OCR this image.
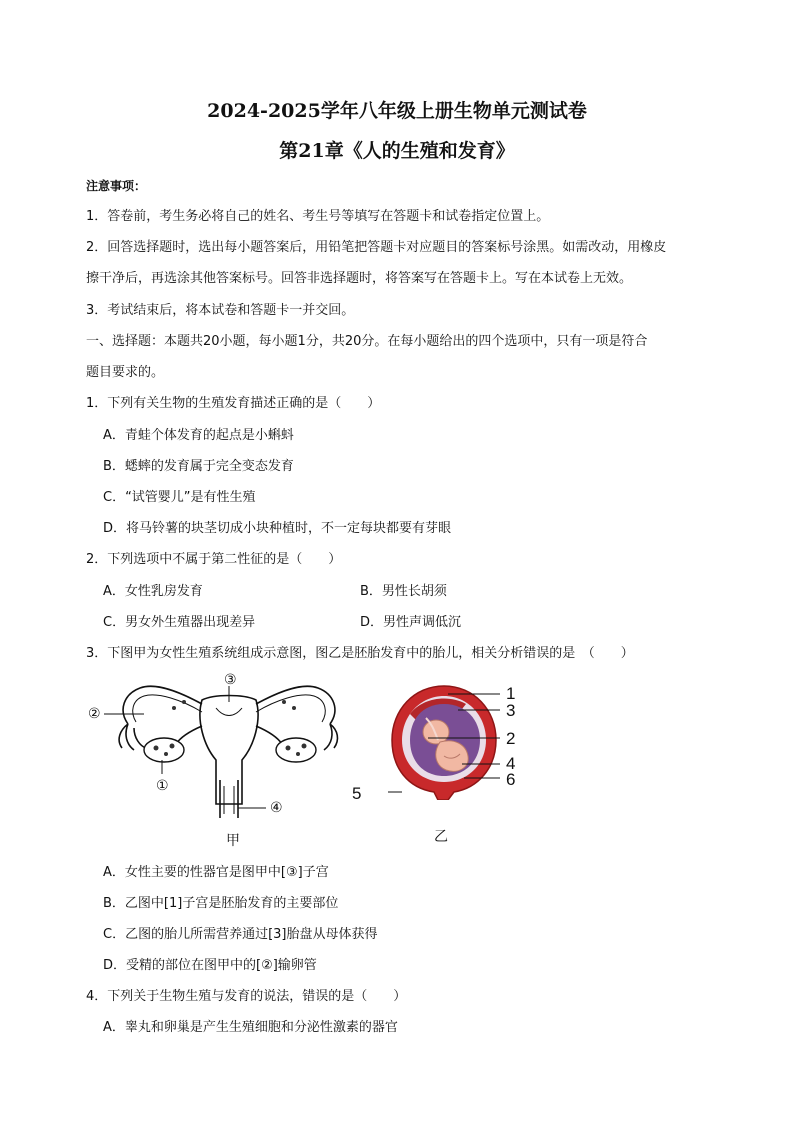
2024-2025学年八年级上册生物单元测试卷
第21章《人的生殖和发育》
注意事项：
1．答卷前，考生务必将自己的姓名、考生号等填写在答题卡和试卷指定位置上。
2．回答选择题时，选出每小题答案后，用铅笔把答题卡对应题目的答案标号涂黑。如需改动，用橡皮
擦干净后，再选涂其他答案标号。回答非选择题时，将答案写在答题卡上。写在本试卷上无效。
3．考试结束后，将本试卷和答题卡一并交回。
一、选择题：本题共20小题，每小题1分，共20分。在每小题给出的四个选项中，只有一项是符合
题目要求的。
1．下列有关生物的生殖发育描述正确的是（　　）
A．青蛙个体发育的起点是小蝌蚪
B．蟋蟀的发育属于完全变态发育
C．“试管婴儿”是有性生殖
D．将马铃薯的块茎切成小块种植时，不一定每块都要有芽眼
2．下列选项中不属于第二性征的是（　　）
A．女性乳房发育	B．男性长胡须
C．男女外生殖器出现差异	D．男性声调低沉
3．下图甲为女性生殖系统组成示意图，图乙是胚胎发育中的胎儿，相关分析错误的是　（　　）
③
②
①
④
甲
1
3
2
4
6
5
乙
A．女性主要的性器官是图甲中[③]子宫
B．乙图中[1]子宫是胚胎发育的主要部位
C．乙图的胎儿所需营养通过[3]胎盘从母体获得
D．受精的部位在图甲中的[②]输卵管
4．下列关于生物生殖与发育的说法，错误的是（　　）
A．睾丸和卵巢是产生生殖细胞和分泌性激素的器官
